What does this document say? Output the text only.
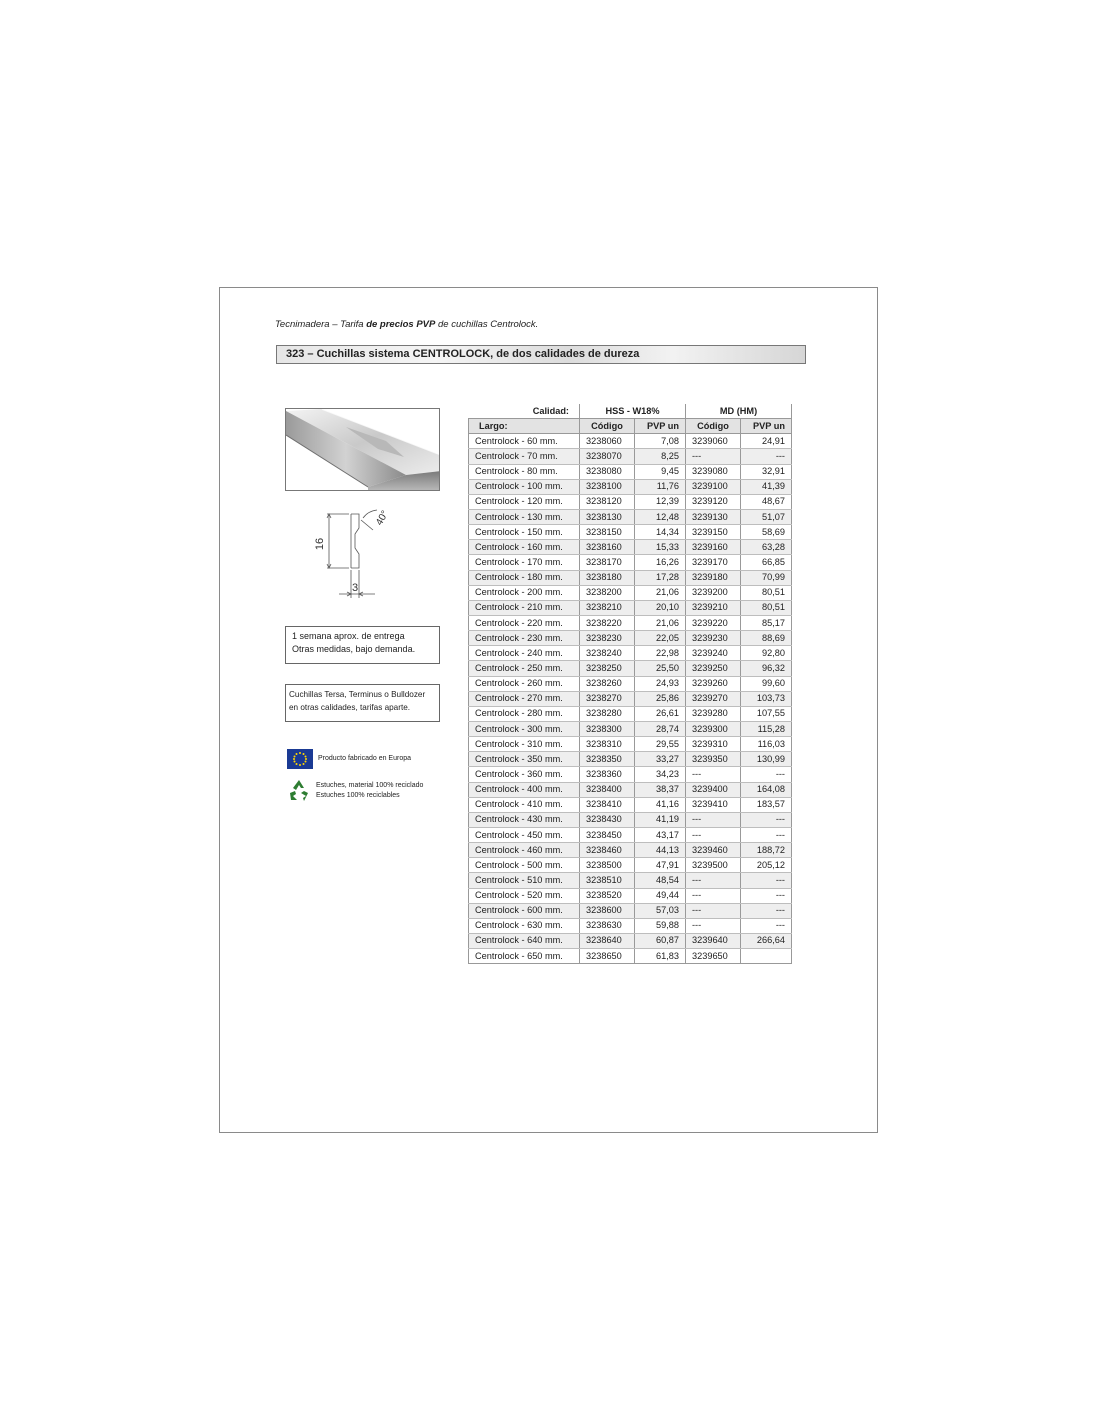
Tecnimadera – Tarifa de precios PVP de cuchillas Centrolock.
323 – Cuchillas sistema CENTROLOCK, de dos calidades de dureza
16
40°
3
1 semana aprox. de entrega
Otras medidas, bajo demanda.
Cuchillas Tersa, Terminus o Bulldozer
en otras calidades, tarifas aparte.
Producto fabricado en Europa
Estuches, material 100% reciclado
Estuches 100% reciclables
Calidad:	HSS - W18%		MD (HM)	
Largo:	Código	PVP un	Código	PVP un
Centrolock - 60 mm.	3238060	7,08	3239060	24,91
Centrolock - 70 mm.	3238070	8,25	---	---
Centrolock - 80 mm.	3238080	9,45	3239080	32,91
Centrolock - 100 mm.	3238100	11,76	3239100	41,39
Centrolock - 120 mm.	3238120	12,39	3239120	48,67
Centrolock - 130 mm.	3238130	12,48	3239130	51,07
Centrolock - 150 mm.	3238150	14,34	3239150	58,69
Centrolock - 160 mm.	3238160	15,33	3239160	63,28
Centrolock - 170 mm.	3238170	16,26	3239170	66,85
Centrolock - 180 mm.	3238180	17,28	3239180	70,99
Centrolock - 200 mm.	3238200	21,06	3239200	80,51
Centrolock - 210 mm.	3238210	20,10	3239210	80,51
Centrolock - 220 mm.	3238220	21,06	3239220	85,17
Centrolock - 230 mm.	3238230	22,05	3239230	88,69
Centrolock - 240 mm.	3238240	22,98	3239240	92,80
Centrolock - 250 mm.	3238250	25,50	3239250	96,32
Centrolock - 260 mm.	3238260	24,93	3239260	99,60
Centrolock - 270 mm.	3238270	25,86	3239270	103,73
Centrolock - 280 mm.	3238280	26,61	3239280	107,55
Centrolock - 300 mm.	3238300	28,74	3239300	115,28
Centrolock - 310 mm.	3238310	29,55	3239310	116,03
Centrolock - 350 mm.	3238350	33,27	3239350	130,99
Centrolock - 360 mm.	3238360	34,23	---	---
Centrolock - 400 mm.	3238400	38,37	3239400	164,08
Centrolock - 410 mm.	3238410	41,16	3239410	183,57
Centrolock - 430 mm.	3238430	41,19	---	---
Centrolock - 450 mm.	3238450	43,17	---	---
Centrolock - 460 mm.	3238460	44,13	3239460	188,72
Centrolock - 500 mm.	3238500	47,91	3239500	205,12
Centrolock - 510 mm.	3238510	48,54	---	---
Centrolock - 520 mm.	3238520	49,44	---	---
Centrolock - 600 mm.	3238600	57,03	---	---
Centrolock - 630 mm.	3238630	59,88	---	---
Centrolock - 640 mm.	3238640	60,87	3239640	266,64
Centrolock - 650 mm.	3238650	61,83	3239650	
